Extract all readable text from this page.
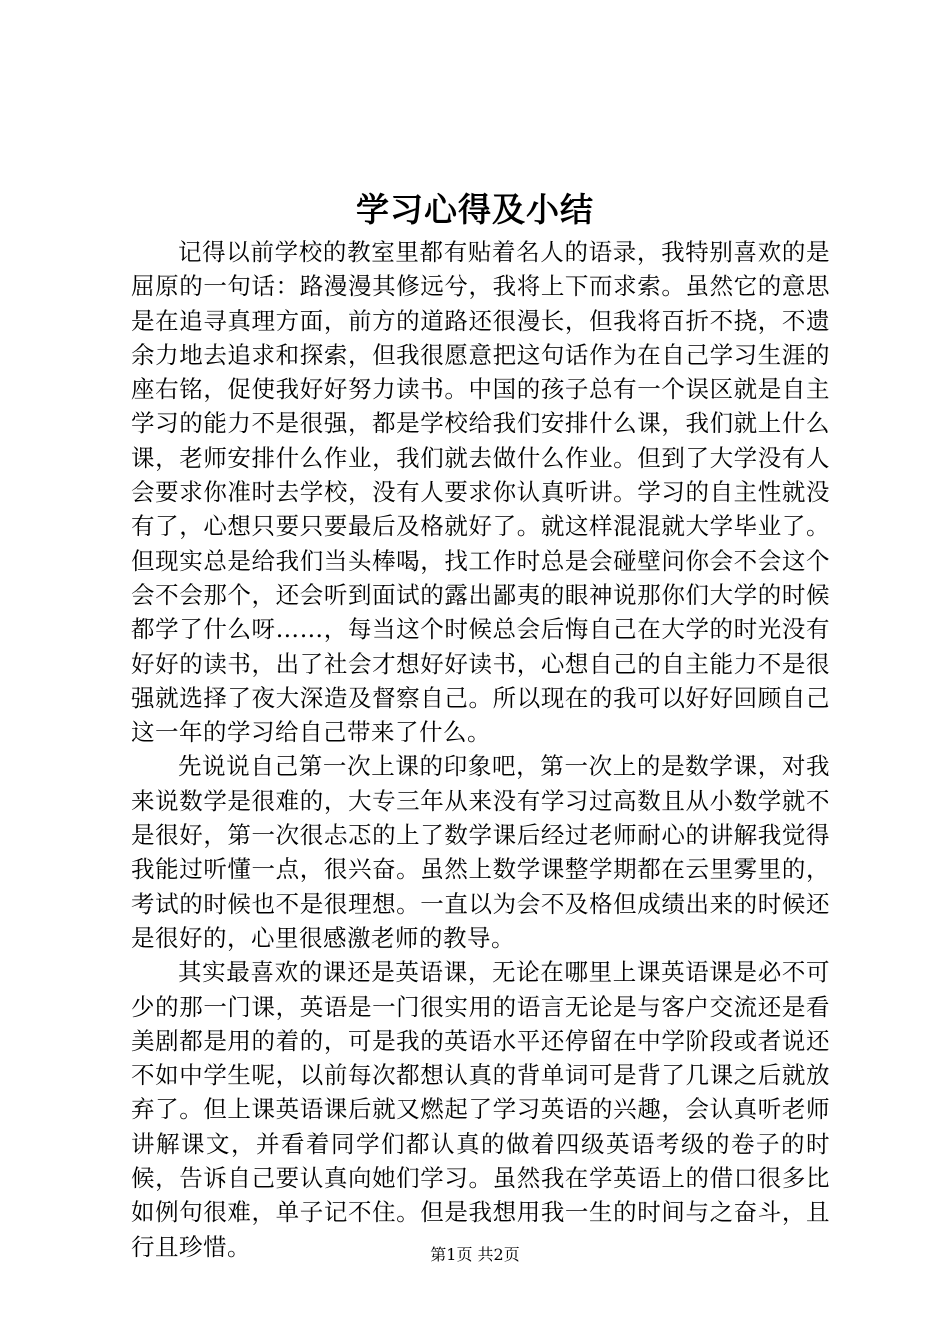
学习心得及小结

记得以前学校的教室里都有贴着名人的语录，我特别喜欢的是屈原的一句话：路漫漫其修远兮，我将上下而求索。虽然它的意思是在追寻真理方面，前方的道路还很漫长，但我将百折不挠，不遗余力地去追求和探索，但我很愿意把这句话作为在自己学习生涯的座右铭，促使我好好努力读书。中国的孩子总有一个误区就是自主学习的能力不是很强，都是学校给我们安排什么课，我们就上什么课，老师安排什么作业，我们就去做什么作业。但到了大学没有人会要求你准时去学校，没有人要求你认真听讲。学习的自主性就没有了，心想只要只要最后及格就好了。就这样混混就大学毕业了。但现实总是给我们当头棒喝，找工作时总是会碰壁问你会不会这个会不会那个，还会听到面试的露出鄙夷的眼神说那你们大学的时候都学了什么呀……，每当这个时候总会后悔自己在大学的时光没有好好的读书，出了社会才想好好读书，心想自己的自主能力不是很强就选择了夜大深造及督察自己。所以现在的我可以好好回顾自己这一年的学习给自己带来了什么。

先说说自己第一次上课的印象吧，第一次上的是数学课，对我来说数学是很难的，大专三年从来没有学习过高数且从小数学就不是很好，第一次很忐忑的上了数学课后经过老师耐心的讲解我觉得我能过听懂一点，很兴奋。虽然上数学课整学期都在云里雾里的，考试的时候也不是很理想。一直以为会不及格但成绩出来的时候还是很好的，心里很感激老师的教导。

其实最喜欢的课还是英语课，无论在哪里上课英语课是必不可少的那一门课，英语是一门很实用的语言无论是与客户交流还是看美剧都是用的着的，可是我的英语水平还停留在中学阶段或者说还不如中学生呢，以前每次都想认真的背单词可是背了几课之后就放弃了。但上课英语课后就又燃起了学习英语的兴趣，会认真听老师讲解课文，并看着同学们都认真的做着四级英语考级的卷子的时候，告诉自己要认真向她们学习。虽然我在学英语上的借口很多比如例句很难，单子记不住。但是我想用我一生的时间与之奋斗，且行且珍惜。	第1页 共2页
